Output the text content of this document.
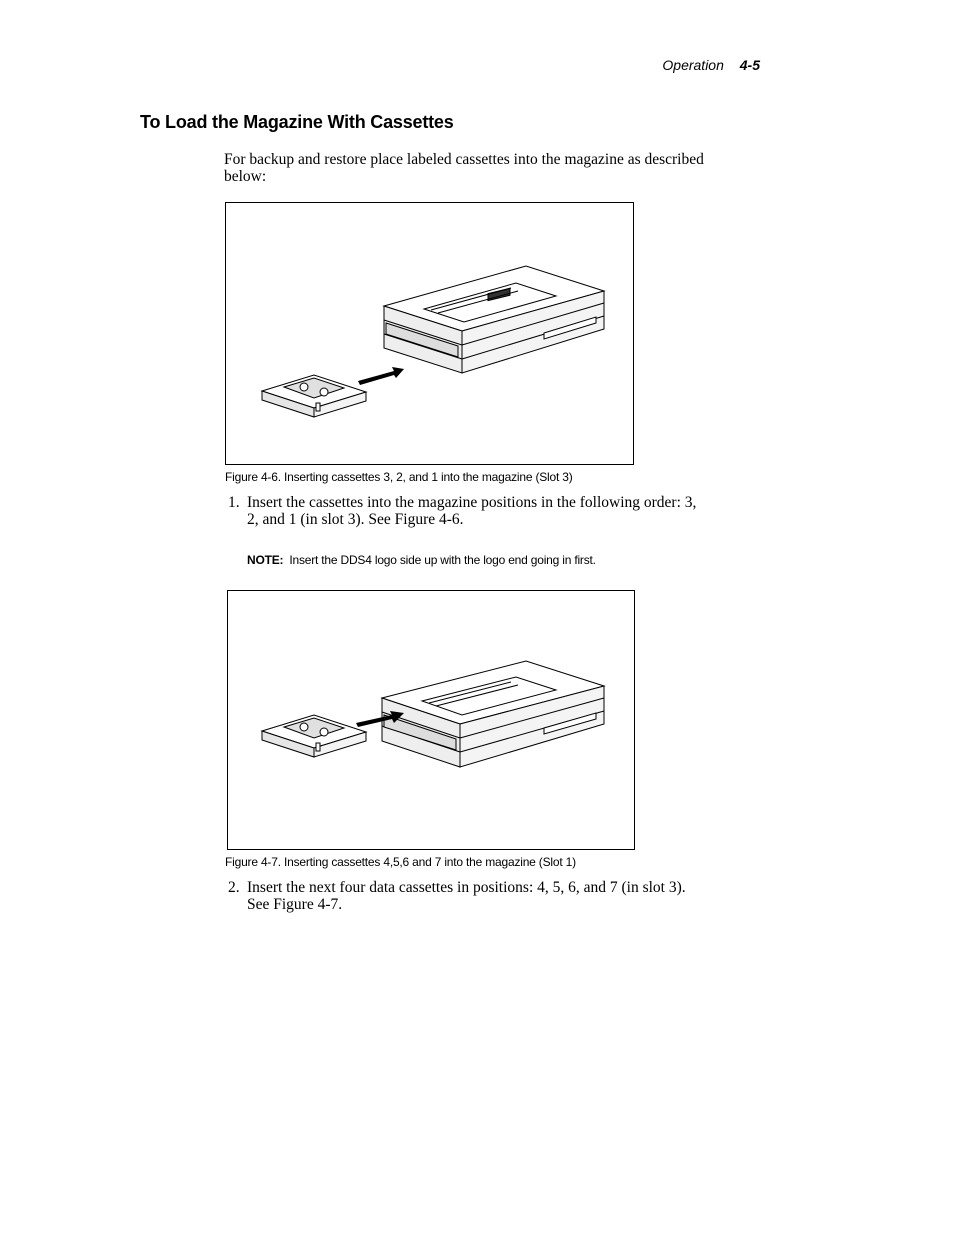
Operation 4-5
To Load the Magazine With Cassettes

For backup and restore place labeled cassettes into the magazine as described below:

Figure 4-6. Inserting cassettes 3, 2, and 1 into the magazine (Slot 3)

1. Insert the cassettes into the magazine positions in the following order: 3, 2, and 1 (in slot 3). See Figure 4-6.

NOTE: Insert the DDS4 logo side up with the logo end going in first.

Figure 4-7. Inserting cassettes 4,5,6 and 7 into the magazine (Slot 1)

2. Insert the next four data cassettes in positions: 4, 5, 6, and 7 (in slot 3). See Figure 4-7.
